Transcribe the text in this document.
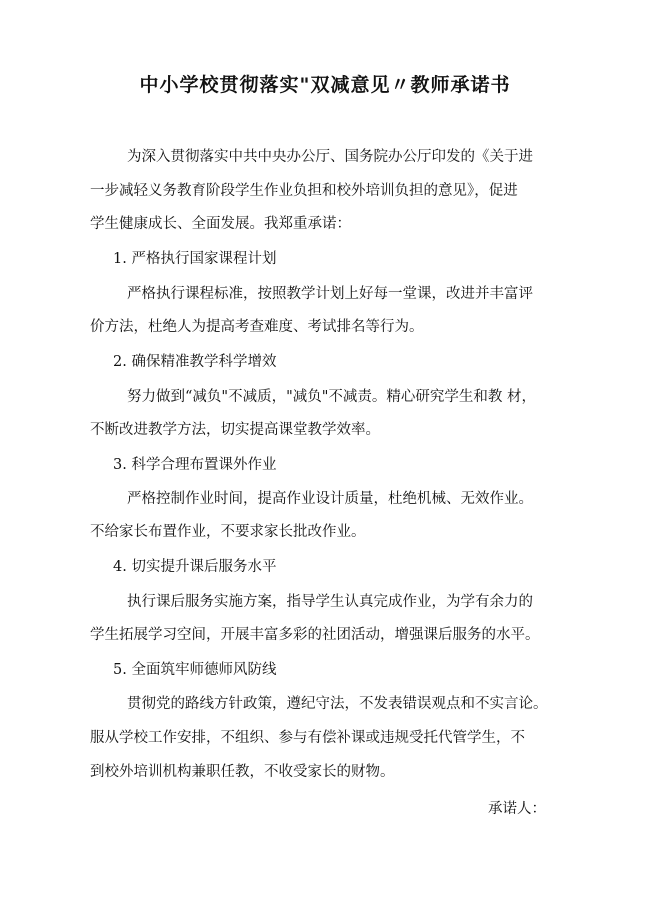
中小学校贯彻落实"双减意见〃教师承诺书
为深入贯彻落实中共中央办公厅、国务院办公厅印发的《关于进
一步减轻义务教育阶段学生作业负担和校外培训负担的意见》，促进
学生健康成长、全面发展。我郑重承诺：
1. 严格执行国家课程计划
严格执行课程标准，按照教学计划上好每一堂课，改进并丰富评
价方法，杜绝人为提高考查难度、考试排名等行为。
2. 确保精准教学科学增效
努力做到“减负"不减质，"减负"不减责。精心研究学生和教 材，
不断改进教学方法，切实提高课堂教学效率。
3. 科学合理布置课外作业
严格控制作业时间，提高作业设计质量，杜绝机械、无效作业。
不给家长布置作业，不要求家长批改作业。
4. 切实提升课后服务水平
执行课后服务实施方案，指导学生认真完成作业，为学有余力的
学生拓展学习空间，开展丰富多彩的社团活动，增强课后服务的水平。
5. 全面筑牢师德师风防线
贯彻党的路线方针政策，遵纪守法，不发表错误观点和不实言论。
服从学校工作安排，不组织、参与有偿补课或违规受托代管学生，不
到校外培训机构兼职任教，不收受家长的财物。
承诺人：
